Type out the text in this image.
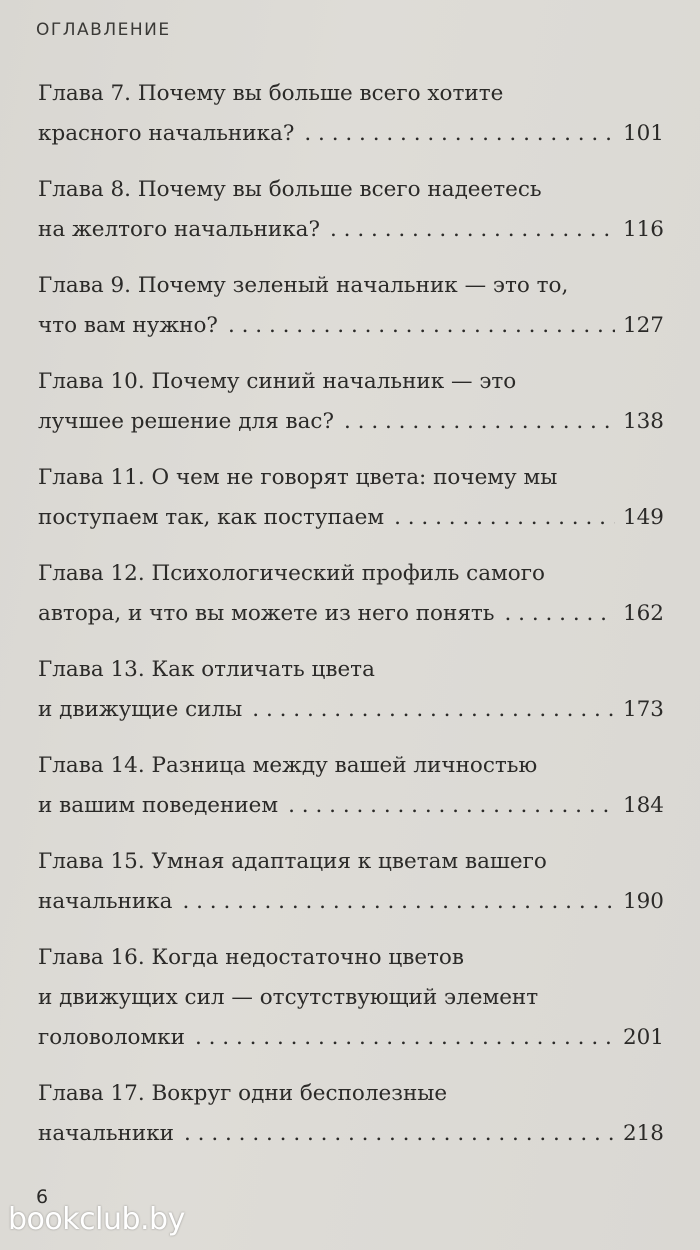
ОГЛАВЛЕНИЕ
Глава 7. Почему вы больше всего хотите
красного начальника? . . .	101
Глава 8. Почему вы больше всего надеетесь
на желтого начальника? . . .	116
Глава 9. Почему зеленый начальник — это то,
что вам нужно? . . .	127
Глава 10. Почему синий начальник — это
лучшее решение для вас? . . .	138
Глава 11. О чем не говорят цвета: почему мы
поступаем так, как поступаем . . .	149
Глава 12. Психологический профиль самого
автора, и что вы можете из него понять . . .	162
Глава 13. Как отличать цвета
и движущие силы . . .	173
Глава 14. Разница между вашей личностью
и вашим поведением . . .	184
Глава 15. Умная адаптация к цветам вашего
начальника . . .	190
Глава 16. Когда недостаточно цветов
и движущих сил — отсутствующий элемент
головоломки . . .	201
Глава 17. Вокруг одни бесполезные
начальники . . .	218
6
bookclub.by
